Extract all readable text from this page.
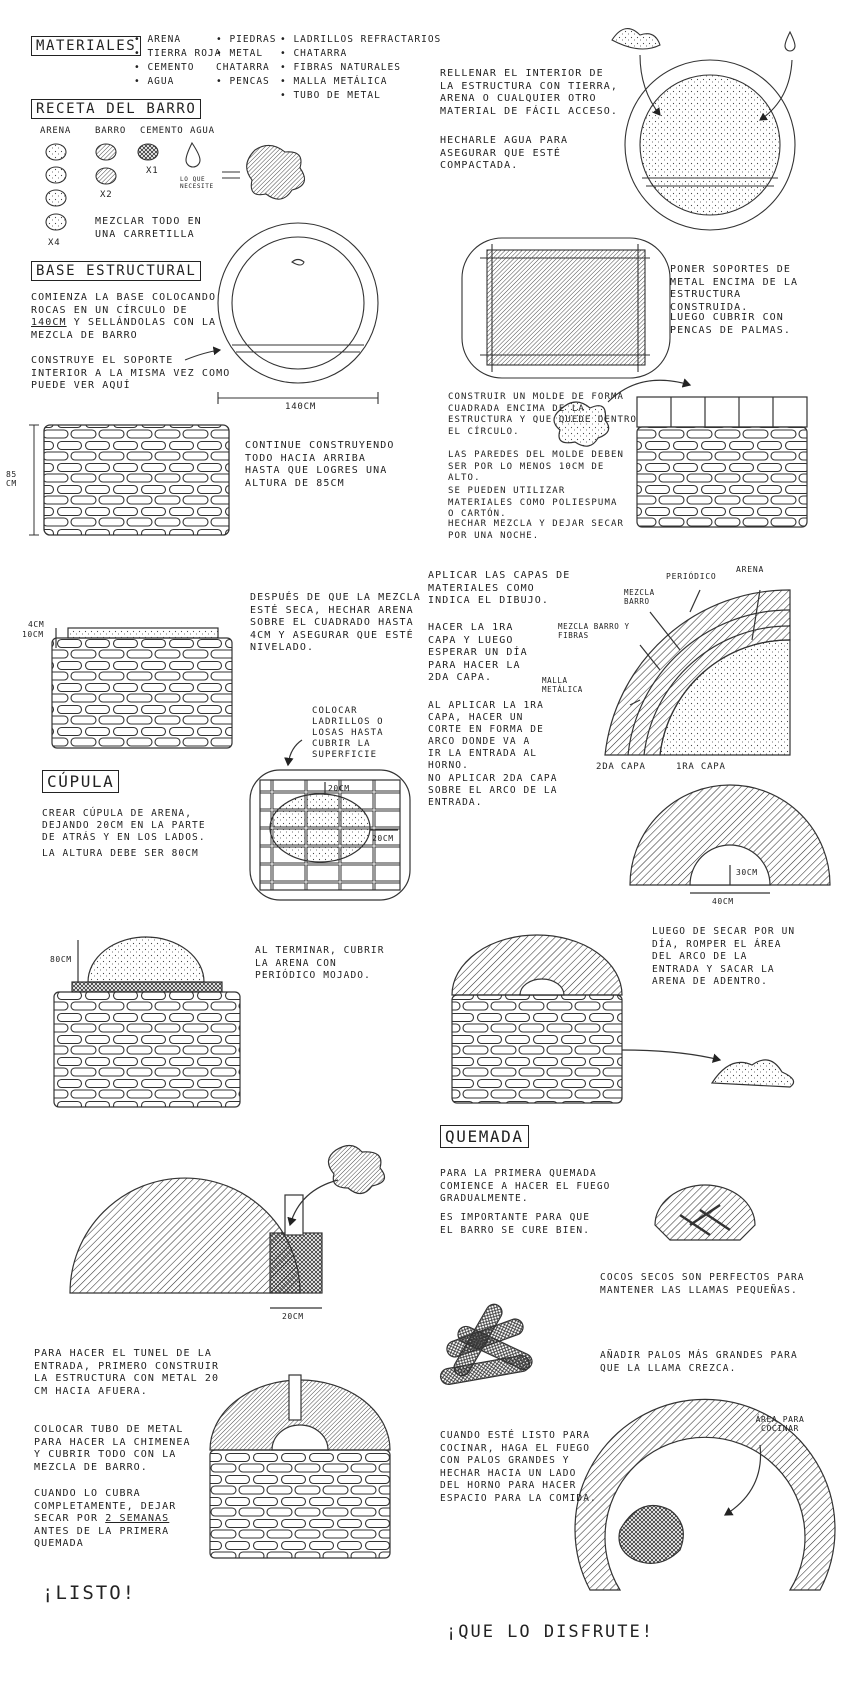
MATERIALES
• ARENA
• TIERRA ROJA
• CEMENTO
• AGUA
• PIEDRAS
• METAL
CHATARRA
• PENCAS
• LADRILLOS REFRACTARIOS
• CHATARRA
• FIBRAS NATURALES
• MALLA METÁLICA
• TUBO DE METAL
RECETA DEL BARRO
ARENA	BARRO CEMENTO AGUA
X4
X2
X1
LO QUE NECESITE
MEZCLAR TODO EN UNA CARRETILLA
BASE ESTRUCTURAL
COMIENZA LA BASE COLOCANDO ROCAS EN UN CÍRCULO DE 140CM Y SELLÁNDOLAS CON LA MEZCLA DE BARRO
CONSTRUYE EL SOPORTE INTERIOR A LA MISMA VEZ COMO PUEDE VER AQUÍ
140CM
85 CM
CONTINUE CONSTRUYENDO TODO HACIA ARRIBA HASTA QUE LOGRES UNA ALTURA DE 85CM
RELLENAR EL INTERIOR DE LA ESTRUCTURA CON TIERRA, ARENA O CUALQUIER OTRO MATERIAL DE FÁCIL ACCESO.
HECHARLE AGUA PARA ASEGURAR QUE ESTÉ COMPACTADA.
PONER SOPORTES DE METAL ENCIMA DE LA ESTRUCTURA CONSTRUIDA.
LUEGO CUBRIR CON PENCAS DE PALMAS.
CONSTRUIR UN MOLDE DE FORMA CUADRADA ENCIMA DE LA ESTRUCTURA Y QUE QUEDE DENTRO EL CÍRCULO.
LAS PAREDES DEL MOLDE DEBEN SER POR LO MENOS 10CM DE ALTO.
SE PUEDEN UTILIZAR MATERIALES COMO POLIESPUMA O CARTÓN.
HECHAR MEZCLA Y DEJAR SECAR POR UNA NOCHE.
DESPUÉS DE QUE LA MEZCLA ESTÉ SECA, HECHAR ARENA SOBRE EL CUADRADO HASTA 4CM Y ASEGURAR QUE ESTÉ NIVELADO.
4CM
10CM
APLICAR LAS CAPAS DE MATERIALES COMO INDICA EL DIBUJO.
HACER LA 1RA CAPA Y LUEGO ESPERAR UN DÍA PARA HACER LA 2DA CAPA.
AL APLICAR LA 1RA CAPA, HACER UN CORTE EN FORMA DE ARCO DONDE VA A IR LA ENTRADA AL HORNO.
NO APLICAR 2DA CAPA SOBRE EL ARCO DE LA ENTRADA.
PERIÓDICO
ARENA
MEZCLA BARRO
MEZCLA BARRO Y FIBRAS
MALLA METÁLICA
2DA CAPA	1RA CAPA
CÚPULA
CREAR CÚPULA DE ARENA, DEJANDO 20CM EN LA PARTE DE ATRÁS Y EN LOS LADOS.
LA ALTURA DEBE SER 80CM
COLOCAR LADRILLOS O LOSAS HASTA CUBRIR LA SUPERFICIE
20CM
20CM
30CM
40CM
80CM
AL TERMINAR, CUBRIR LA ARENA CON PERIÓDICO MOJADO.
LUEGO DE SECAR POR UN DÍA, ROMPER EL ÁREA DEL ARCO DE LA ENTRADA Y SACAR LA ARENA DE ADENTRO.
QUEMADA
PARA LA PRIMERA QUEMADA COMIENCE A HACER EL FUEGO GRADUALMENTE.
ES IMPORTANTE PARA QUE EL BARRO SE CURE BIEN.
COCOS SECOS SON PERFECTOS PARA MANTENER LAS LLAMAS PEQUEÑAS.
AÑADIR PALOS MÁS GRANDES PARA QUE LA LLAMA CREZCA.
CUANDO ESTÉ LISTO PARA COCINAR, HAGA EL FUEGO CON PALOS GRANDES Y HECHAR HACIA UN LADO DEL HORNO PARA HACER ESPACIO PARA LA COMIDA.
ÁREA PARA COCINAR
20CM
PARA HACER EL TUNEL DE LA ENTRADA, PRIMERO CONSTRUIR LA ESTRUCTURA CON METAL 20 CM HACIA AFUERA.
COLOCAR TUBO DE METAL PARA HACER LA CHIMENEA Y CUBRIR TODO CON LA MEZCLA DE BARRO.
CUANDO LO CUBRA COMPLETAMENTE, DEJAR SECAR POR 2 SEMANAS ANTES DE LA PRIMERA QUEMADA
¡LISTO!
¡QUE LO DISFRUTE!
